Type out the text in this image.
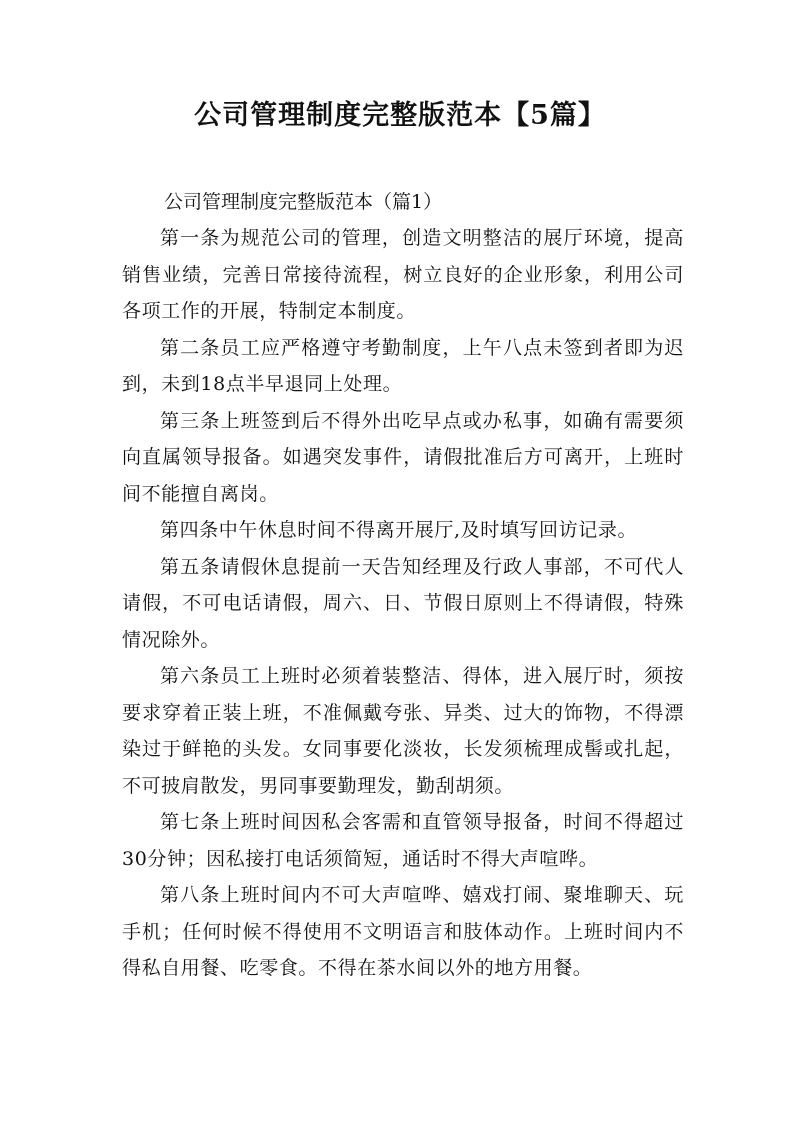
公司管理制度完整版范本【5篇】

公司管理制度完整版范本（篇1）

第一条为规范公司的管理，创造文明整洁的展厅环境，提高销售业绩，完善日常接待流程，树立良好的企业形象，利用公司各项工作的开展，特制定本制度。

第二条员工应严格遵守考勤制度，上午八点未签到者即为迟到，未到18点半早退同上处理。

第三条上班签到后不得外出吃早点或办私事，如确有需要须向直属领导报备。如遇突发事件，请假批准后方可离开，上班时间不能擅自离岗。

第四条中午休息时间不得离开展厅,及时填写回访记录。

第五条请假休息提前一天告知经理及行政人事部，不可代人请假，不可电话请假，周六、日、节假日原则上不得请假，特殊情况除外。

第六条员工上班时必须着装整洁、得体，进入展厅时，须按要求穿着正装上班，不准佩戴夸张、异类、过大的饰物，不得漂染过于鲜艳的头发。女同事要化淡妆，长发须梳理成髻或扎起，不可披肩散发，男同事要勤理发，勤刮胡须。

第七条上班时间因私会客需和直管领导报备，时间不得超过30分钟；因私接打电话须简短，通话时不得大声喧哗。

第八条上班时间内不可大声喧哗、嬉戏打闹、聚堆聊天、玩手机；任何时候不得使用不文明语言和肢体动作。上班时间内不得私自用餐、吃零食。不得在茶水间以外的地方用餐。
